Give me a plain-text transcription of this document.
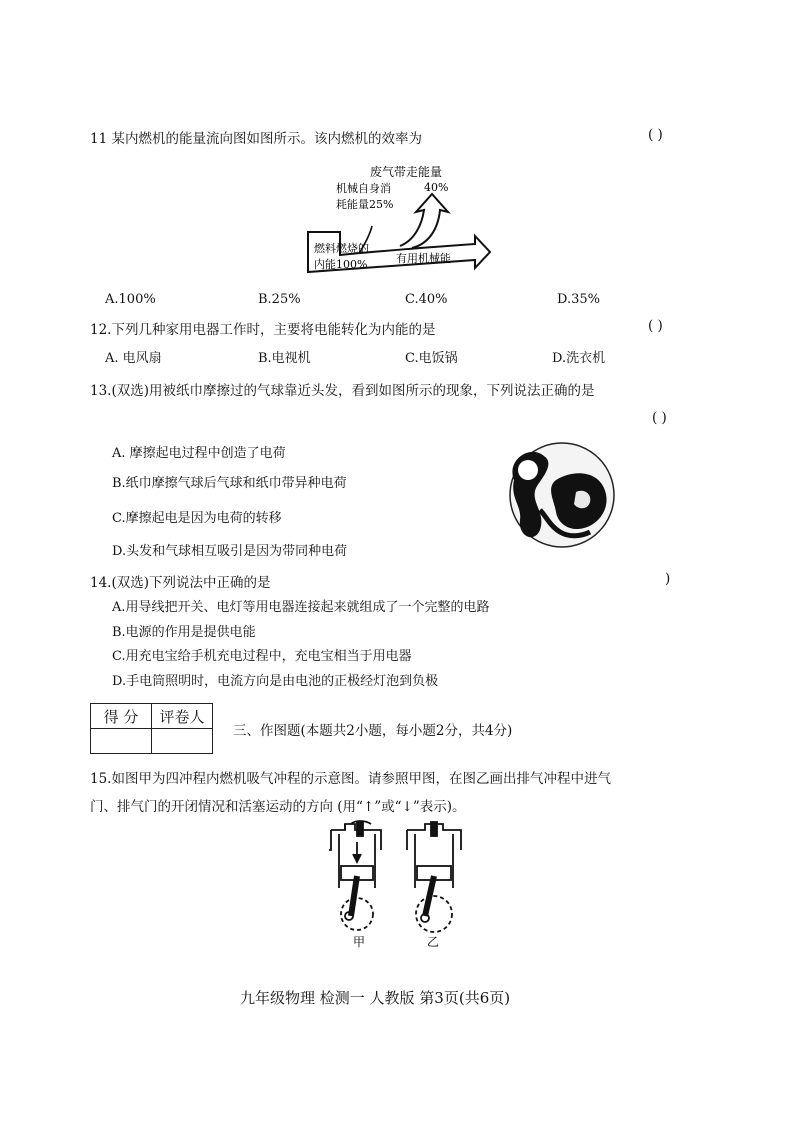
11 某内燃机的能量流向图如图所示。该内燃机的效率为	( )
废气带走能量
40%
机械自身消
耗能量25%
燃料燃烧的
内能100%	有用机械能
A.100%	B.25%	C.40%	D.35%
12.下列几种家用电器工作时，主要将电能转化为内能的是	( )
A. 电风扇	B.电视机	C.电饭锅	D.洗衣机
13.(双选)用被纸巾摩擦过的气球靠近头发，看到如图所示的现象，下列说法正确的是
( )
A. 摩擦起电过程中创造了电荷
B.纸巾摩擦气球后气球和纸巾带异种电荷
C.摩擦起电是因为电荷的转移
D.头发和气球相互吸引是因为带同种电荷
14.(双选)下列说法中正确的是	)
A.用导线把开关、电灯等用电器连接起来就组成了一个完整的电路
B.电源的作用是提供电能
C.用充电宝给手机充电过程中，充电宝相当于用电器
D.手电筒照明时，电流方向是由电池的正极经灯泡到负极
得 分	评卷人

三、作图题(本题共2小题，每小题2分，共4分)
15.如图甲为四冲程内燃机吸气冲程的示意图。请参照甲图，在图乙画出排气冲程中进气
门、排气门的开闭情况和活塞运动的方向 (用“↑”或“↓”表示)。
甲	乙
九年级物理 检测一 人教版 第3页(共6页)
